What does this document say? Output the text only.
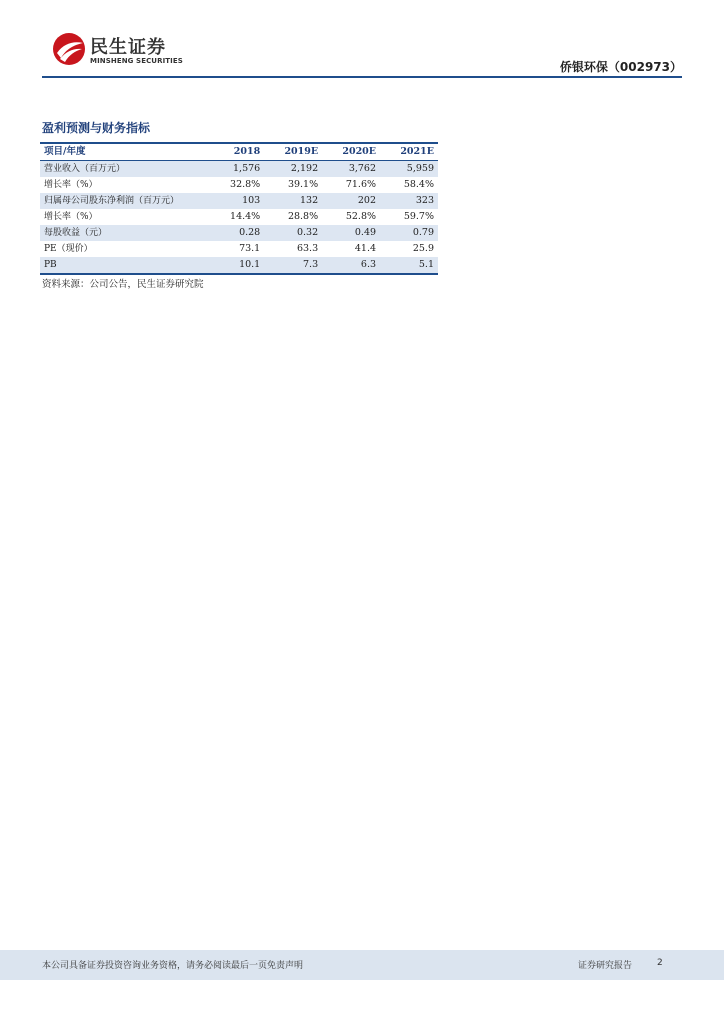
民生证券
MINSHENG SECURITIES	侨银环保（002973）
盈利预测与财务指标
项目/年度	2018	2019E	2020E	2021E
营业收入（百万元）	1,576	2,192	3,762	5,959
增长率（%）	32.8%	39.1%	71.6%	58.4%
归属母公司股东净利润（百万元）	103	132	202	323
增长率（%）	14.4%	28.8%	52.8%	59.7%
每股收益（元）	0.28	0.32	0.49	0.79
PE（现价）	73.1	63.3	41.4	25.9
PB	10.1	7.3	6.3	5.1
资料来源：公司公告，民生证券研究院
本公司具备证券投资咨询业务资格，请务必阅读最后一页免责声明	证券研究报告	2
